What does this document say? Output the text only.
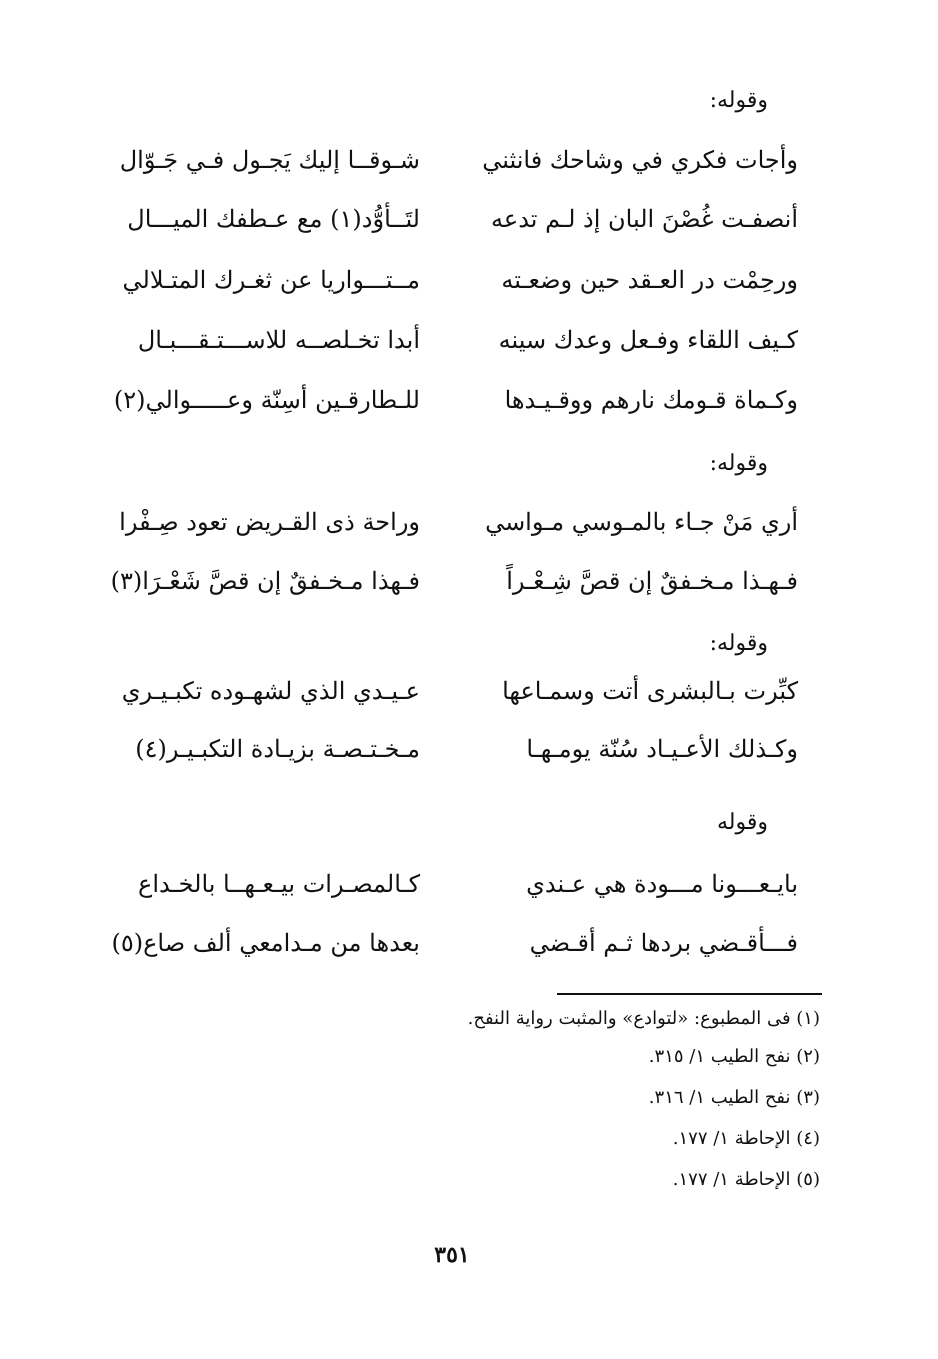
وقوله:
وأجات فكري في وشاحك فانثني
شـوقــا إليك يَجـول فـي جَـوّال
أنصفـت غُصْنَ البان إذ لـم تدعه
لتَــأوُّد(١) مع عـطفك الميـــال
ورحِمْت در العـقد حين وضعـته
مــتـــواريا عن ثغـرك المتـلالي
كـيف اللقاء وفـعل وعدك سينه
أبدا تخـلصــه للاســـتـقـــبـال
وكـماة قـومك نارهم ووقـيـدها
للـطارقـين أسِنّة وعـــــوالي(٢)
وقوله:
أري مَنْ جـاء بالمـوسي مـواسي
وراحة ذى القـريض تعود صِـفْرا
فـهـذا مـخـفقٌ إن قصَّ شِـعْـراً
فـهذا مـخـفقٌ إن قصَّ شَعْـرَا(٣)
وقوله:
كبِّرت بـالبشرى أتت وسمـاعها
عـيـدي الذي لشهـوده تكبـيـري
وكـذلك الأعـيـاد سُنّة يومـهـا
مـخـتـصـة بزيـادة التكبـيـر(٤)
وقوله
بايـعـــونا مـــودة هي عـندي
كـالمصـرات بيـعـهــا بالخـداع
فـــأقـضي بردها ثـم أقـضي
بعدها من مـدامعي ألف صاع(٥)
(١) فى المطبوع: «لتوادع» والمثبت رواية النفح.
(٢) نفح الطيب ١/ ٣١٥.
(٣) نفح الطيب ١/ ٣١٦.
(٤) الإحاطة ١/ ١٧٧.
(٥) الإحاطة ١/ ١٧٧.
٣٥١
